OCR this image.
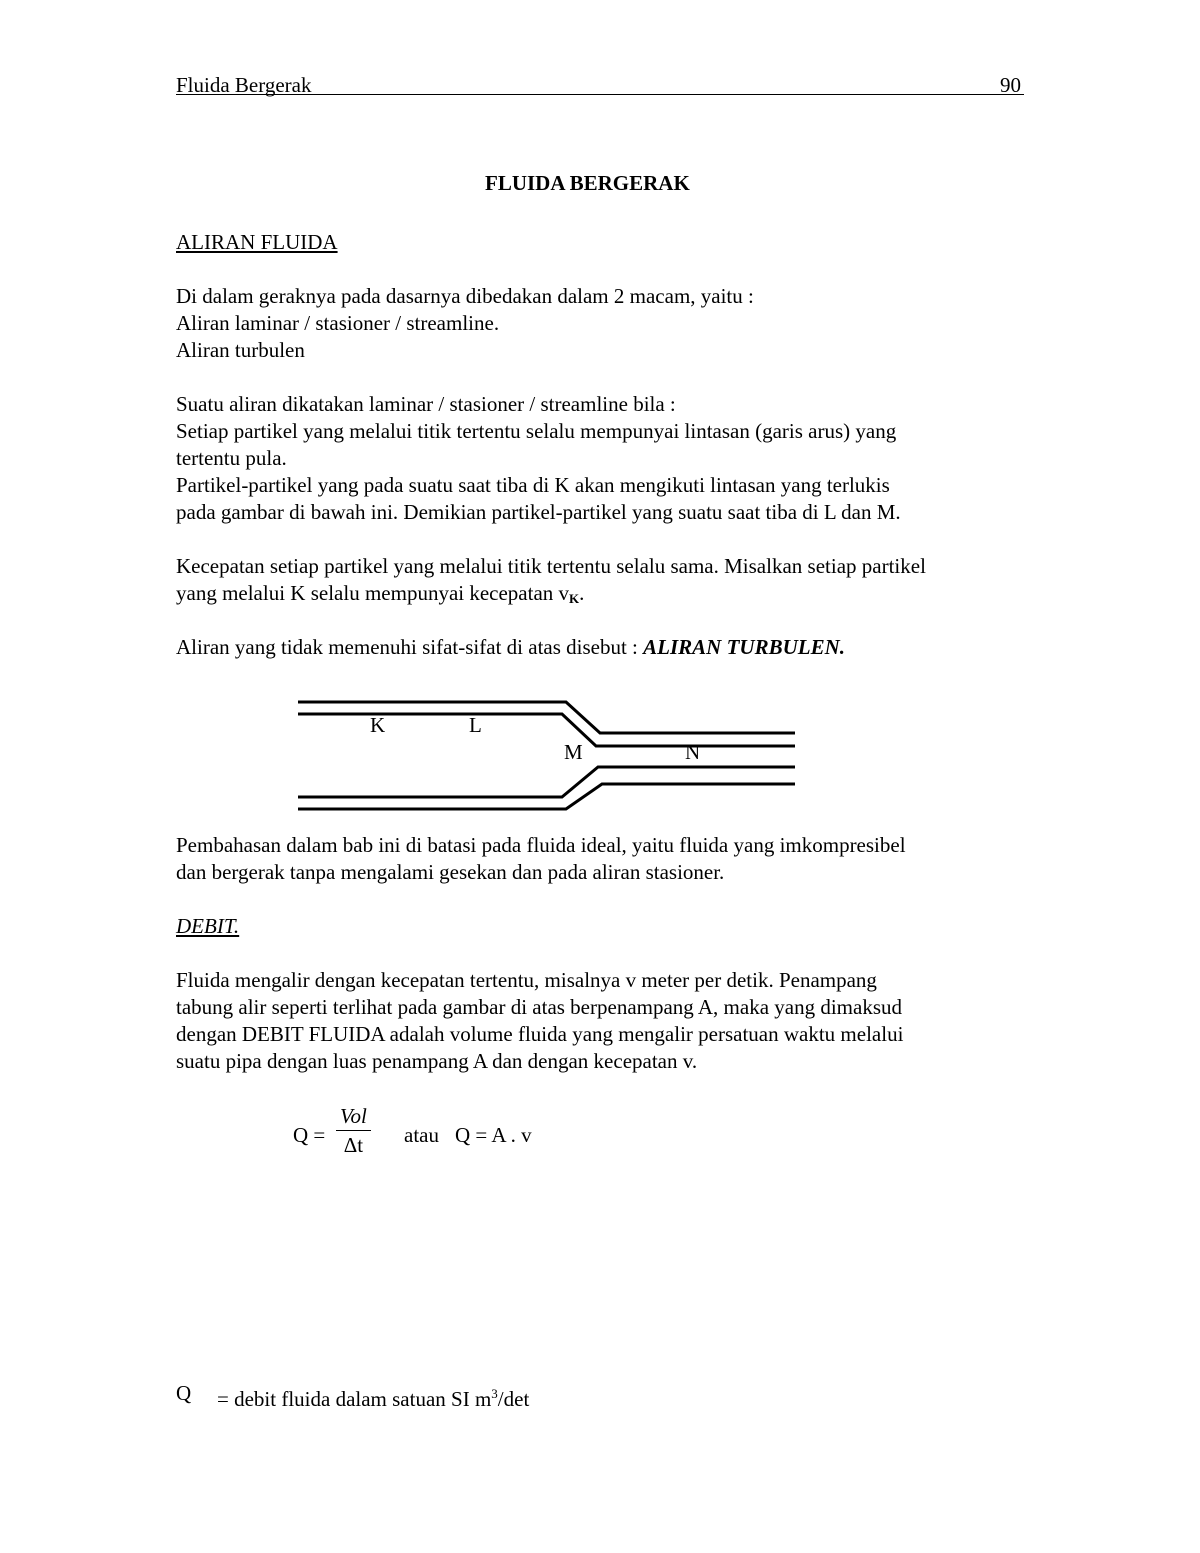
Fluida Bergerak	90
FLUIDA BERGERAK
ALIRAN FLUIDA
Di dalam geraknya pada dasarnya dibedakan dalam 2 macam, yaitu :
Aliran laminar / stasioner / streamline.
Aliran turbulen
Suatu aliran dikatakan laminar / stasioner / streamline bila :
Setiap partikel yang melalui titik tertentu selalu mempunyai lintasan (garis arus) yang
tertentu pula.
Partikel-partikel yang pada suatu saat tiba di K akan mengikuti lintasan yang terlukis
pada gambar di bawah ini. Demikian partikel-partikel yang suatu saat tiba di L dan M.
Kecepatan setiap partikel yang melalui titik tertentu selalu sama. Misalkan setiap partikel
yang melalui K selalu mempunyai kecepatan $v_K$.
Aliran yang tidak memenuhi sifat-sifat di atas disebut : ALIRAN TURBULEN.
K	L
M	N
Pembahasan dalam bab ini di batasi pada fluida ideal, yaitu fluida yang imkompresibel
dan bergerak tanpa mengalami gesekan dan pada aliran stasioner.
DEBIT.
Fluida mengalir dengan kecepatan tertentu, misalnya v meter per detik. Penampang
tabung alir seperti terlihat pada gambar di atas berpenampang A, maka yang dimaksud
dengan DEBIT FLUIDA adalah volume fluida yang mengalir persatuan waktu melalui
suatu pipa dengan luas penampang A dan dengan kecepatan v.
Q =
Vol
Δt	atau Q = A . v
Q = debit fluida dalam satuan SI $m^3/\det$
